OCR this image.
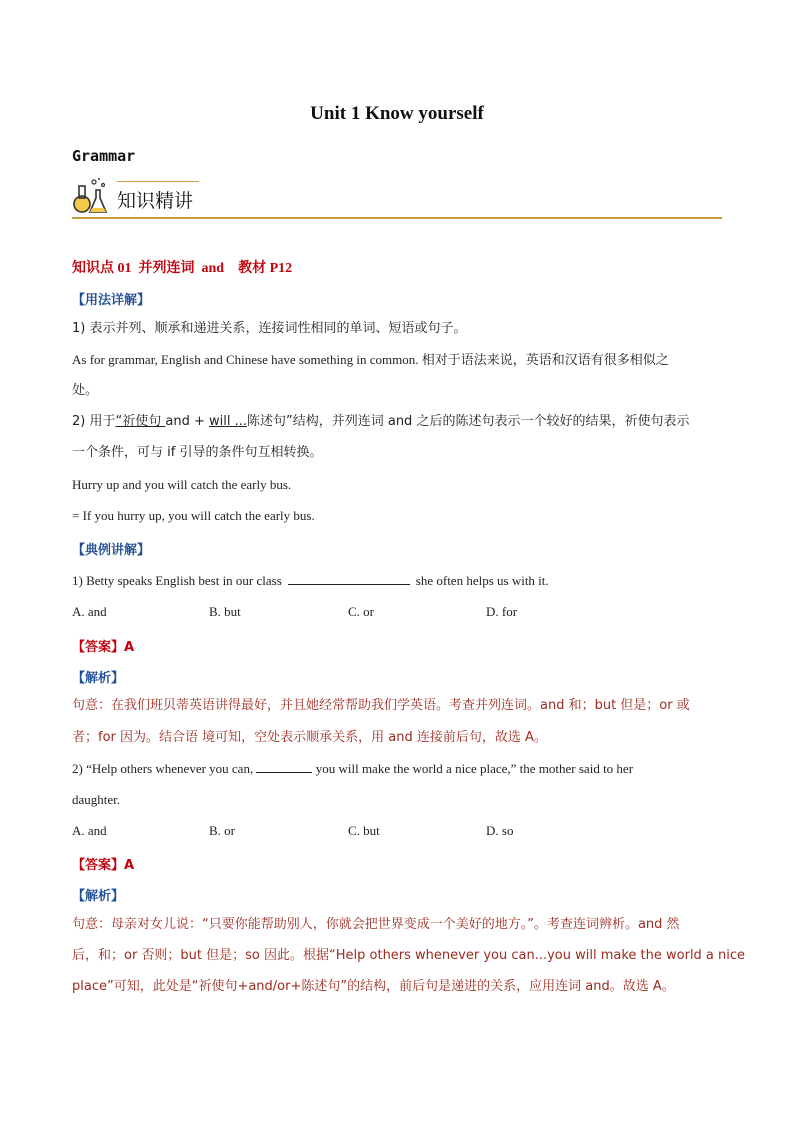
Unit 1 Know yourself
Grammar
知识精讲
知识点 01  并列连词  and    教材 P12
【用法详解】
1) 表示并列、顺承和递进关系，连接词性相同的单词、短语或句子。
As for grammar, English and Chinese have something in common. 相对于语法来说，英语和汉语有很多相似之
处。
2) 用于“祈使句 and + will ...陈述句”结构，并列连词 and 之后的陈述句表示一个较好的结果，祈使句表示
一个条件，可与 if 引导的条件句互相转换。
Hurry up and you will catch the early bus.
= If you hurry up, you will catch the early bus.
【典例讲解】
1) Betty speaks English best in our class	she often helps us with it.
A. and	B. but	C. or	D. for
【答案】A
【解析】
句意：在我们班贝蒂英语讲得最好，并且她经常帮助我们学英语。考查并列连词。and 和；but 但是；or 或
者；for 因为。结合语 境可知，空处表示顺承关系，用 and 连接前后句，故选 A。
2) “Help others whenever you can,	you will make the world a nice place,” the mother said to her
daughter.
A. and	B. or	C. but	D. so
【答案】A
【解析】
句意：母亲对女儿说：“只要你能帮助别人，你就会把世界变成一个美好的地方。”。考查连词辨析。and 然
后，和；or 否则；but 但是；so 因此。根据“Help others whenever you can...you will make the world a nice
place”可知，此处是“祈使句+and/or+陈述句”的结构，前后句是递进的关系，应用连词 and。故选 A。
